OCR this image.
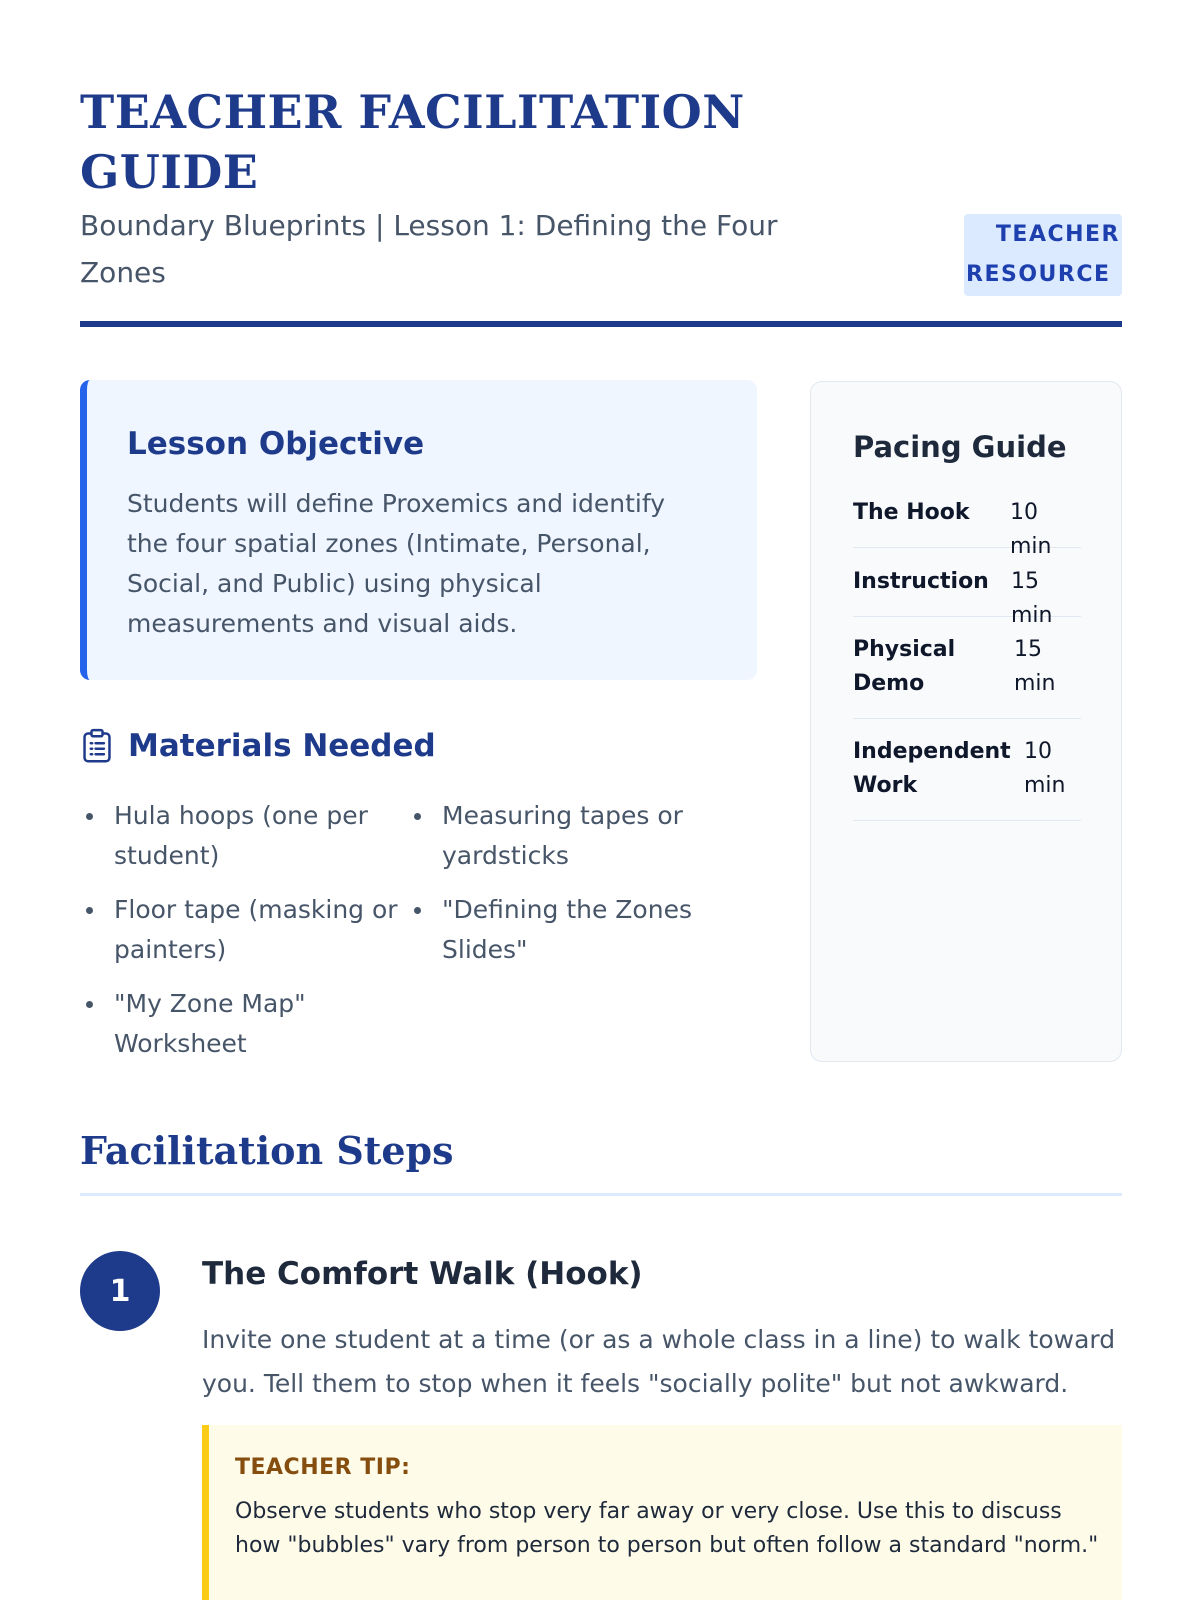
TEACHER FACILITATION GUIDE
Boundary Blueprints | Lesson 1: Defining the Four Zones
TEACHER
RESOURCE
Lesson Objective

Students will define Proxemics and identify the four spatial zones (Intimate, Personal, Social, and Public) using physical measurements and visual aids.

Materials Needed
Hula hoops (one per student)
Measuring tapes or yardsticks
Floor tape (masking or painters)
"Defining the Zones Slides"
"My Zone Map" Worksheet
Pacing Guide
The Hook 10 min
Instruction 15 min
Physical Demo
15 min
Independent Work
10 min
Facilitation Steps
1	The Comfort Walk (Hook)

Invite one student at a time (or as a whole class in a line) to walk toward you. Tell them to stop when it feels "socially polite" but not awkward.

TEACHER TIP:

Observe students who stop very far away or very close. Use this to discuss how "bubbles" vary from person to person but often follow a standard "norm."
